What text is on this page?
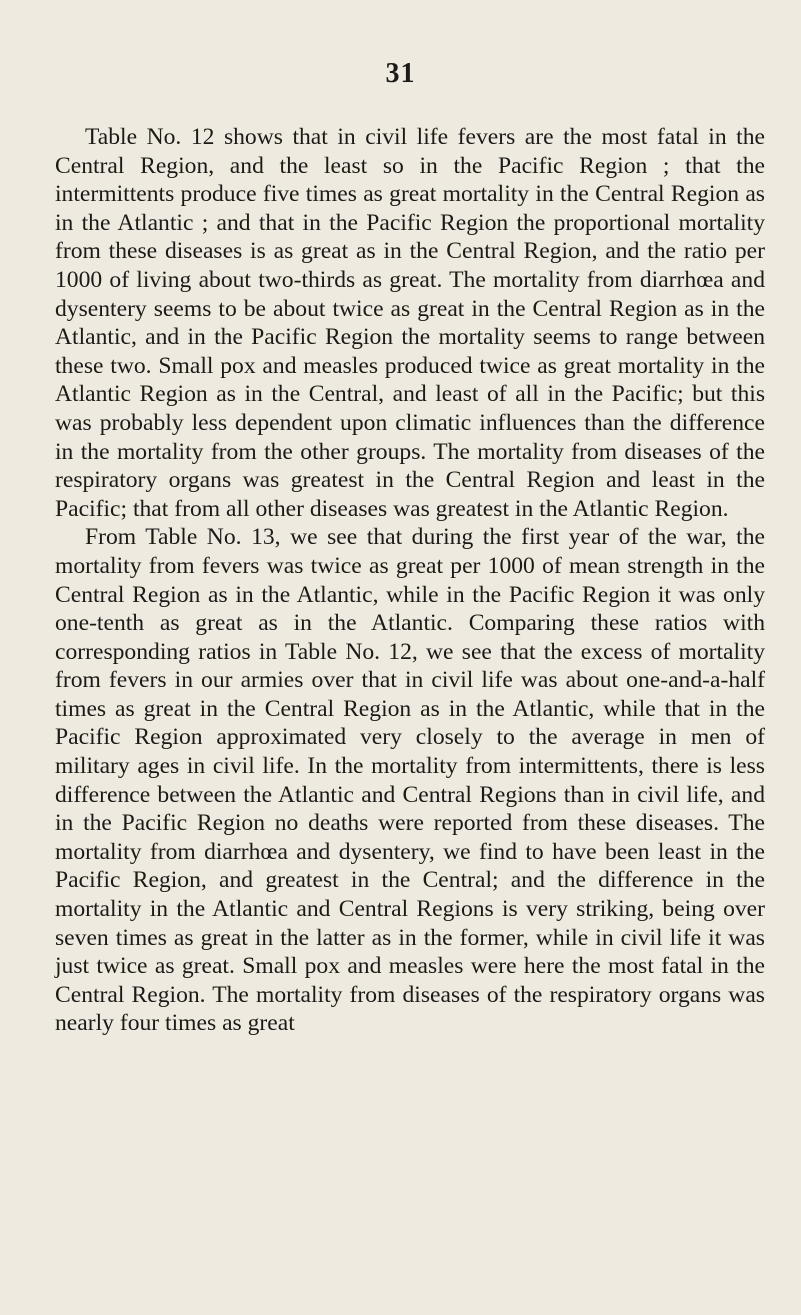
31

Table No. 12 shows that in civil life fevers are the most fatal in the Central Region, and the least so in the Pacific Region ; that the intermittents produce five times as great mortality in the Central Region as in the Atlantic ; and that in the Pacific Region the proportional mortality from these diseases is as great as in the Central Region, and the ratio per 1000 of living about two-thirds as great. The mortality from diarrhœa and dysentery seems to be about twice as great in the Central Region as in the Atlantic, and in the Pacific Region the mortality seems to range between these two. Small pox and measles produced twice as great mortality in the Atlantic Region as in the Central, and least of all in the Pacific; but this was probably less dependent upon climatic influences than the difference in the mortality from the other groups. The mortality from diseases of the respiratory organs was greatest in the Central Region and least in the Pacific; that from all other diseases was greatest in the Atlantic Region.

From Table No. 13, we see that during the first year of the war, the mortality from fevers was twice as great per 1000 of mean strength in the Central Region as in the Atlantic, while in the Pacific Region it was only one-tenth as great as in the Atlantic. Comparing these ratios with corresponding ratios in Table No. 12, we see that the excess of mortality from fevers in our armies over that in civil life was about one-and-a-half times as great in the Central Region as in the Atlantic, while that in the Pacific Region approximated very closely to the average in men of military ages in civil life. In the mortality from intermittents, there is less difference between the Atlantic and Central Regions than in civil life, and in the Pacific Region no deaths were reported from these diseases. The mortality from diarrhœa and dysentery, we find to have been least in the Pacific Region, and greatest in the Central; and the difference in the mortality in the Atlantic and Central Regions is very striking, being over seven times as great in the latter as in the former, while in civil life it was just twice as great. Small pox and measles were here the most fatal in the Central Region. The mortality from diseases of the respiratory organs was nearly four times as great
